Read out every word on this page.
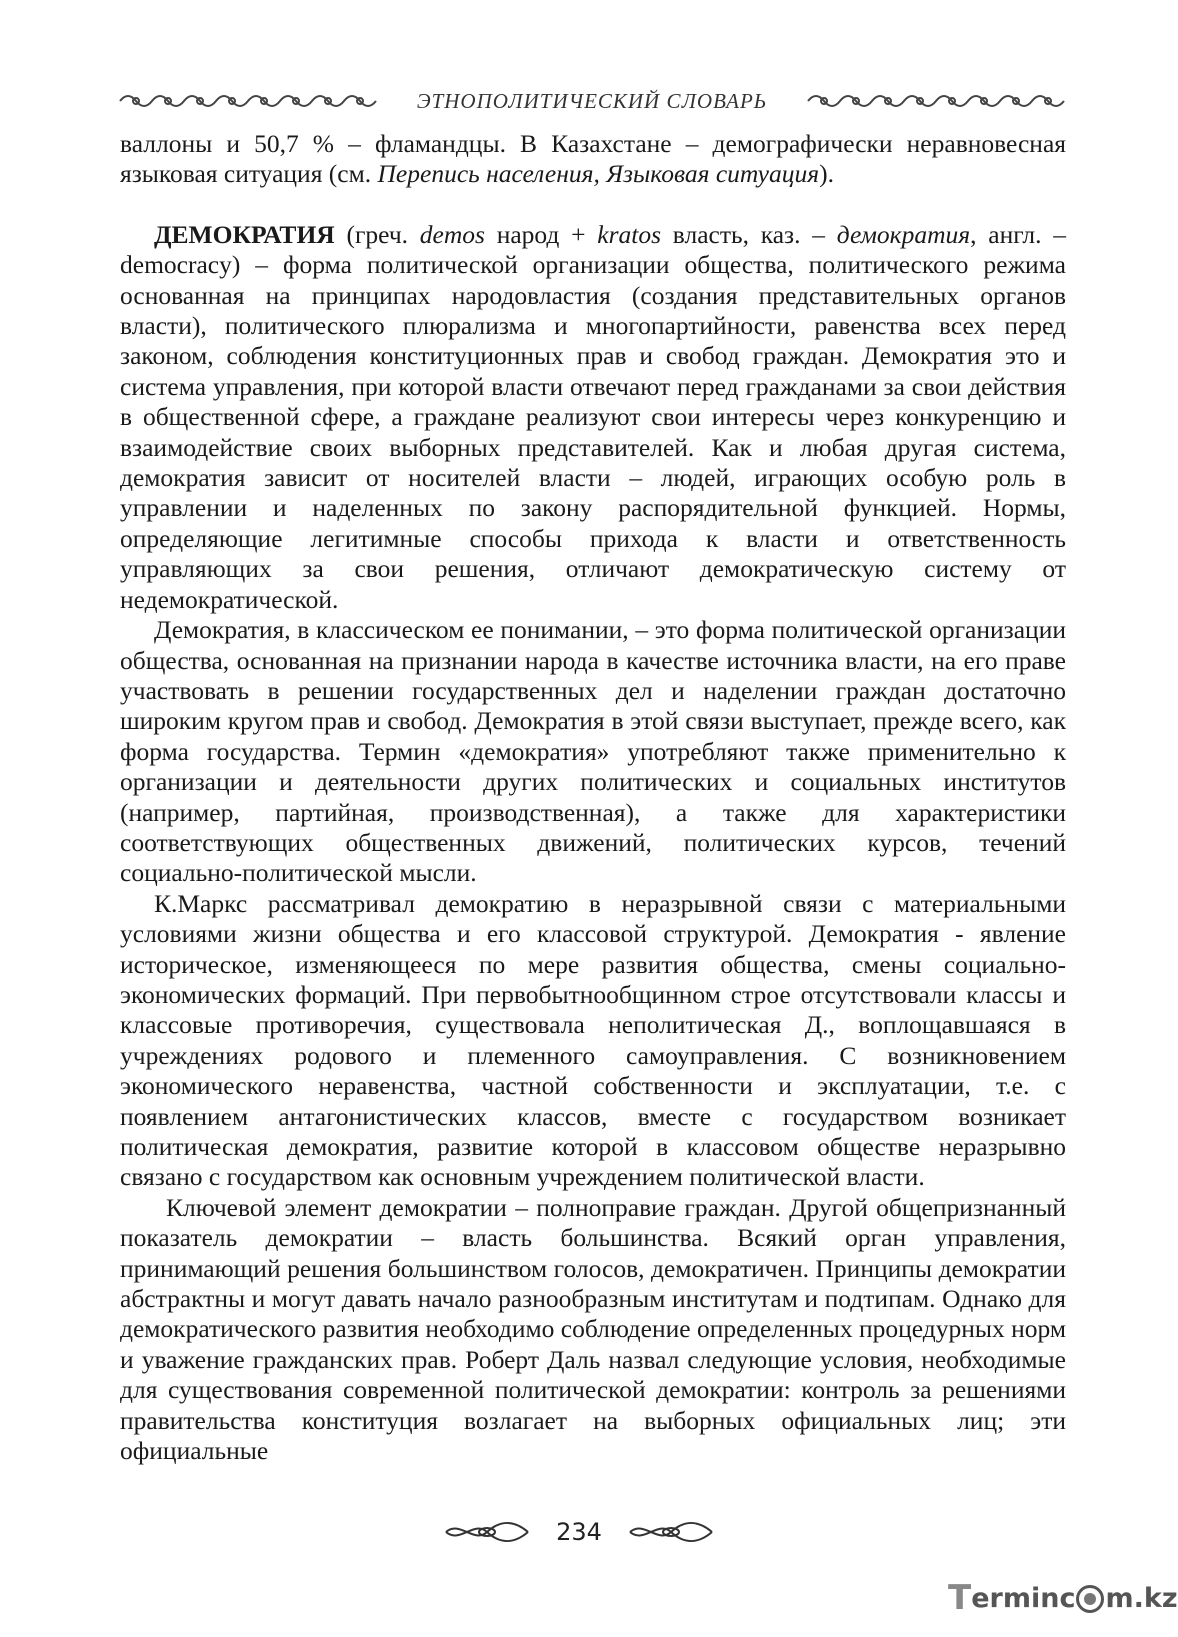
ЭТНОПОЛИТИЧЕСКИЙ СЛОВАРЬ

валлоны и 50,7 % – фламандцы. В Казахстане – демографически неравновесная языковая ситуация (см. Перепись населения, Языковая ситуация).

ДЕМОКРАТИЯ (греч. demos народ + kratos власть, каз. – демократия, англ. – democracy) – форма политической организации общества, политического режима основанная на принципах народовластия (создания представительных органов власти), политического плюрализма и многопартийности, равенства всех перед законом, соблюдения конституционных прав и свобод граждан. Демократия это и система управления, при которой власти отвечают перед гражданами за свои действия в общественной сфере, а граждане реализуют свои интересы через конкуренцию и взаимодействие своих выборных представителей. Как и любая другая система, демократия зависит от носителей власти – людей, играющих особую роль в управлении и наделенных по закону распорядительной функцией. Нормы, определяющие легитимные способы прихода к власти и ответственность управляющих за свои решения, отличают демократическую систему от недемократической.

Демократия, в классическом ее понимании, – это форма политической организации общества, основанная на признании народа в качестве источника власти, на его праве участвовать в решении государственных дел и наделении граждан достаточно широким кругом прав и свобод. Демократия в этой связи выступает, прежде всего, как форма государства. Термин «демократия» употребляют также применительно к организации и деятельности других политических и социальных институтов (например, партийная, производственная), а также для характеристики соответствующих общественных движений, политических курсов, течений социально-политической мысли.

К.Маркс рассматривал демократию в неразрывной связи с материальными условиями жизни общества и его классовой структурой. Демократия - явление историческое, изменяющееся по мере развития общества, смены социально-экономических формаций. Пpи первобытнообщинном строе отсутствовали классы и классовые противоречия, существовала неполитическая Д., воплощавшаяся в учреждениях родового и племенного самоуправления. С возникновением экономического неравенства, частной собственности и эксплуатации, т.е. с появлением антагонистических классов, вместе с государством возникает политическая демократия, развитие которой в классовом обществе неразрывно связано с государством как основным учреждением политической власти.

Ключевой элемент демократии – полноправие граждан. Другой общепризнанный показатель демократии – власть большинства. Всякий орган управления, принимающий решения большинством голосов, демократичен. Пpинципы демократии абстрактны и могут давать начало разнообразным институтам и подтипам. Однако для демократического развития необходимо соблюдение определенных процедурных норм и уважение гражданских прав. Роберт Даль назвал следующие условия, необходимые для существования современной политической демократии: контроль за решениями правительства конституция возлагает на выборных официальных лиц; эти официальные

234
T ermin c m.kz
